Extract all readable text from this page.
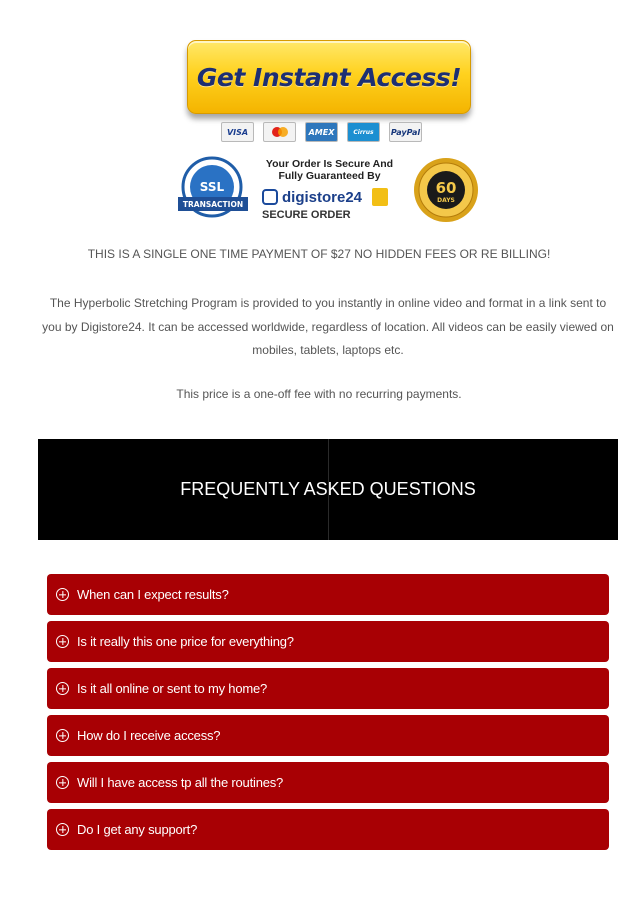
Get Instant Access!
VISA	AMEX	Cirrus	PayPal
SSL
TRANSACTION
Your Order Is Secure And
Fully Guaranteed By
digistore24
SECURE ORDER
60
DAYS
THIS IS A SINGLE ONE TIME PAYMENT OF $27 NO HIDDEN FEES OR RE BILLING!
The Hyperbolic Stretching Program is provided to you instantly in online video and format in a link sent to you by Digistore24. It can be accessed worldwide, regardless of location. All videos can be easily viewed on mobiles, tablets, laptops etc.
This price is a one-off fee with no recurring payments.
FREQUENTLY ASKED QUESTIONS
When can I expect results?
Is it really this one price for everything?
Is it all online or sent to my home?
How do I receive access?
Will I have access tp all the routines?
Do I get any support?
